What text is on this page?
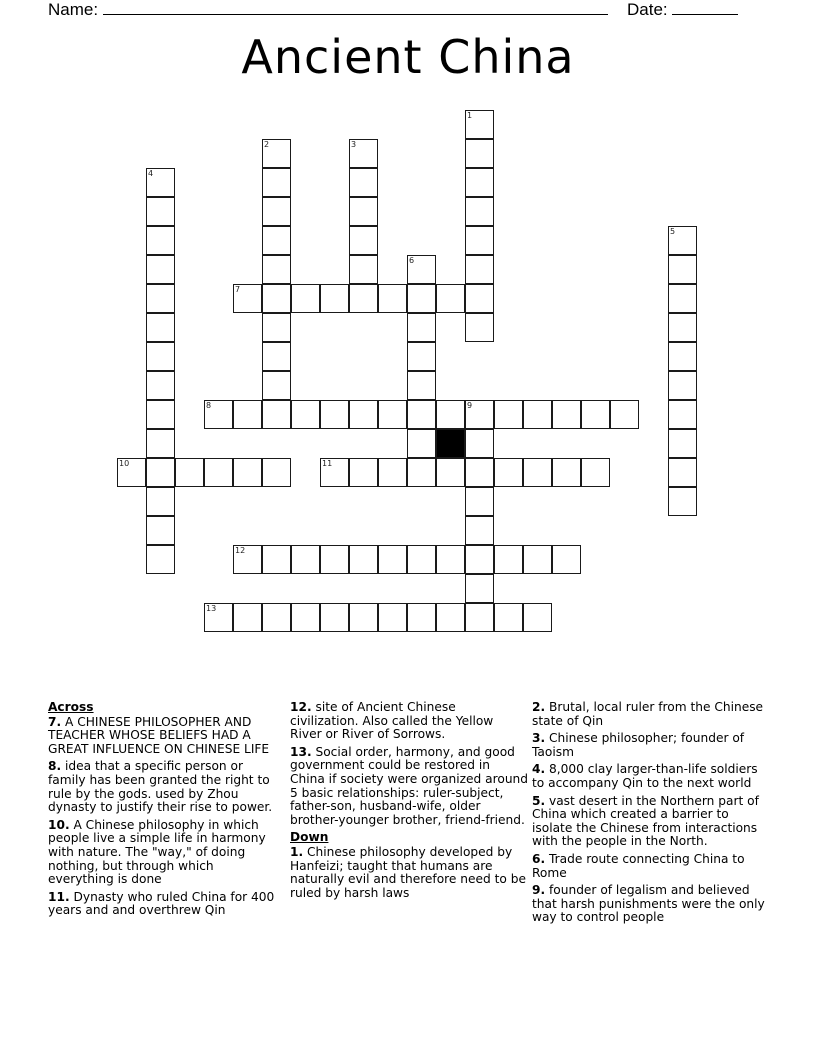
Name:	Date:
Ancient China
1
2	3
4
5
6
7
8	9
10	11
12
13
Across
7. A CHINESE PHILOSOPHER AND TEACHER WHOSE BELIEFS HAD A GREAT INFLUENCE ON CHINESE LIFE
8. idea that a specific person or family has been granted the right to rule by the gods. used by Zhou dynasty to justify their rise to power.
10. A Chinese philosophy in which people live a simple life in harmony with nature. The "way," of doing nothing, but through which everything is done
11. Dynasty who ruled China for 400 years and and overthrew Qin
12. site of Ancient Chinese civilization. Also called the Yellow River or River of Sorrows.
13. Social order, harmony, and good government could be restored in China if society were organized around 5 basic relationships: ruler-subject, father-son, husband-wife, older brother-younger brother, friend-friend.
Down
1. Chinese philosophy developed by Hanfeizi; taught that humans are naturally evil and therefore need to be ruled by harsh laws
2. Brutal, local ruler from the Chinese state of Qin
3. Chinese philosopher; founder of Taoism
4. 8,000 clay larger-than-life soldiers to accompany Qin to the next world
5. vast desert in the Northern part of China which created a barrier to isolate the Chinese from interactions with the people in the North.
6. Trade route connecting China to Rome
9. founder of legalism and believed that harsh punishments were the only way to control people
